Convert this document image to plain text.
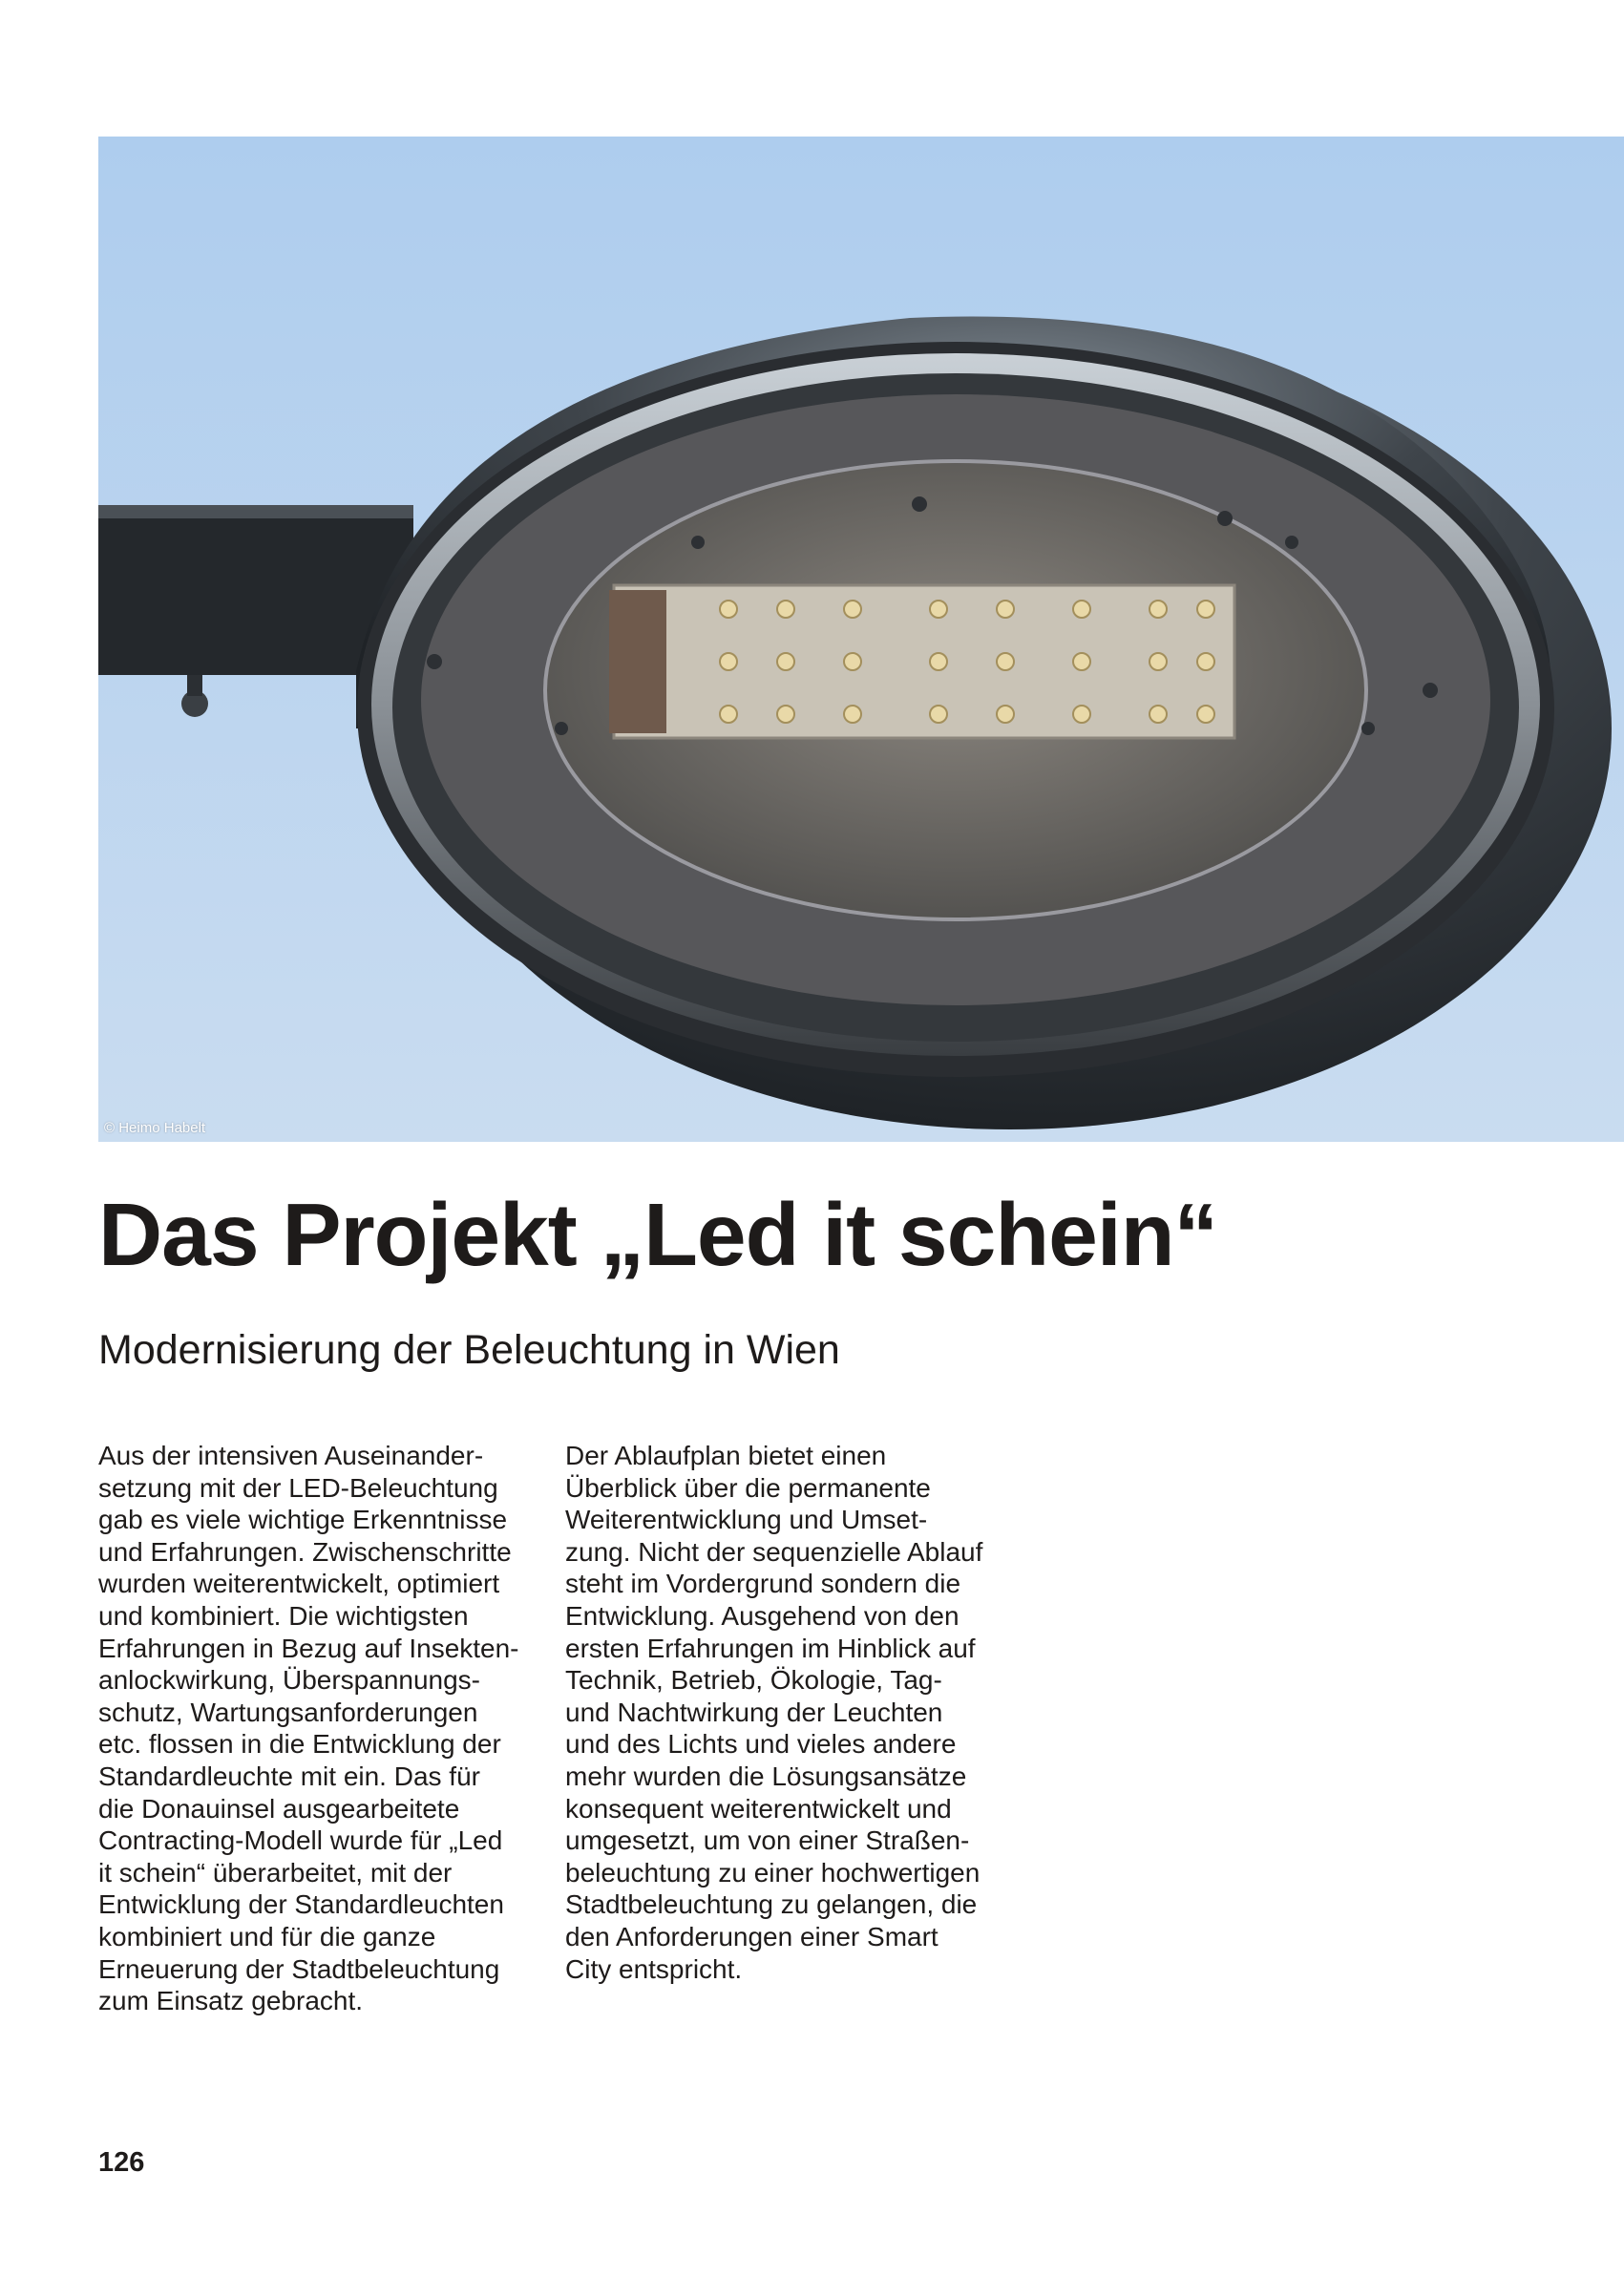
© Heimo Habelt
Das Projekt „Led it schein“
Modernisierung der Beleuchtung in Wien

Aus der intensiven Auseinander-
setzung mit der LED-Beleuchtung
gab es viele wichtige Erkenntnisse
und Erfahrungen. Zwischenschritte
wurden weiterentwickelt, optimiert
und kombiniert. Die wichtigsten
Erfahrungen in Bezug auf Insekten-
anlockwirkung, Überspannungs-
schutz, Wartungsanforderungen
etc. flossen in die Entwicklung der
Standardleuchte mit ein. Das für
die Donauinsel ausgearbeitete
Contracting-Modell wurde für „Led
it schein“ überarbeitet, mit der
Entwicklung der Standardleuchten
kombiniert und für die ganze
Erneuerung der Stadtbeleuchtung
zum Einsatz gebracht.

Der Ablaufplan bietet einen
Überblick über die permanente
Weiterentwicklung und Umset-
zung. Nicht der sequenzielle Ablauf
steht im Vordergrund sondern die
Entwicklung. Ausgehend von den
ersten Erfahrungen im Hinblick auf
Technik, Betrieb, Ökologie, Tag-
und Nachtwirkung der Leuchten
und des Lichts und vieles andere
mehr wurden die Lösungsansätze
konsequent weiterentwickelt und
umgesetzt, um von einer Straßen-
beleuchtung zu einer hochwertigen
Stadtbeleuchtung zu gelangen, die
den Anforderungen einer Smart
City entspricht.

126
